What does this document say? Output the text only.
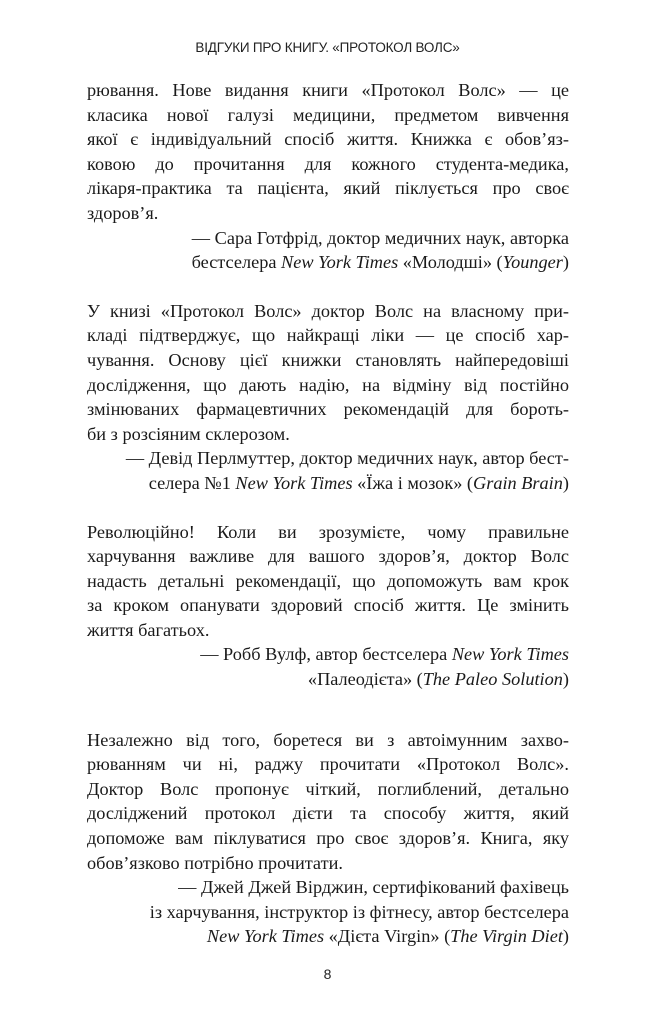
ВІДГУКИ ПРО КНИГУ. «ПРОТОКОЛ ВОЛС»
рювання. Нове видання книги «Протокол Волс» — це
класика нової галузі медицини, предметом вивчення
якої є індивідуальний спосіб життя. Книжка є обов’яз-
ковою до прочитання для кожного студента-медика,
лікаря-практика та пацієнта, який піклується про своє
здоров’я.
— Сара Готфрід, доктор медичних наук, авторка
бестселера New York Times «Молодші» (Younger)
У книзі «Протокол Волс» доктор Волс на власному при-
кладі підтверджує, що найкращі ліки — це спосіб хар-
чування. Основу цієї книжки становлять найпередовіші
дослідження, що дають надію, на відміну від постійно
змінюваних фармацевтичних рекомендацій для бороть-
би з розсіяним склерозом.
— Девід Перлмуттер, доктор медичних наук, автор бест-
селера №1 New York Times «Їжа і мозок» (Grain Brain)
Революційно! Коли ви зрозумієте, чому правильне
харчування важливе для вашого здоров’я, доктор Волс
надасть детальні рекомендації, що допоможуть вам крок
за кроком опанувати здоровий спосіб життя. Це змінить
життя багатьох.
— Робб Вулф, автор бестселера New York Times
«Палеодієта» (The Paleo Solution)
Незалежно від того, боретеся ви з автоімунним захво-
рюванням чи ні, раджу прочитати «Протокол Волс».
Доктор Волс пропонує чіткий, поглиблений, детально
досліджений протокол дієти та способу життя, який
допоможе вам піклуватися про своє здоров’я. Книга, яку
обов’язково потрібно прочитати.
— Джей Джей Вірджин, сертифікований фахівець
із харчування, інструктор із фітнесу, автор бестселера
New York Times «Дієта Virgin» (The Virgin Diet)
8
